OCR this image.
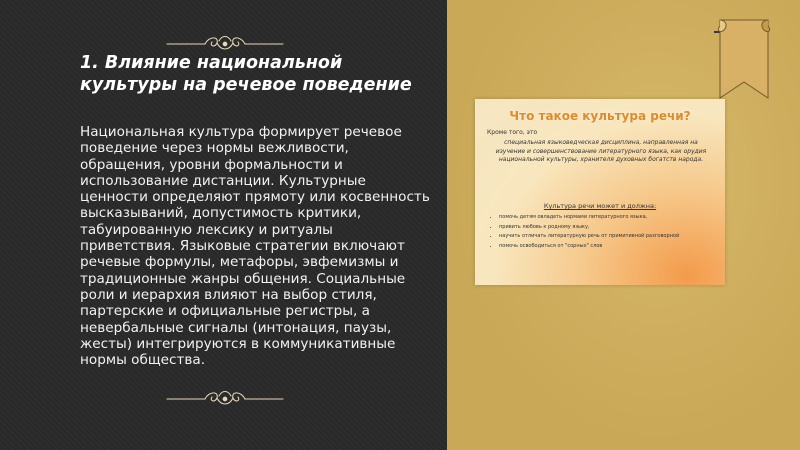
1. Влияние национальной культуры на речевое поведение

Национальная культура формирует речевое поведение через нормы вежливости, обращения, уровни формальности и использование дистанции. Культурные ценности определяют прямоту или косвенность высказываний, допустимость критики, табуированную лексику и ритуалы приветствия. Языковые стратегии включают речевые формулы, метафоры, эвфемизмы и традиционные жанры общения. Социальные роли и иерархия влияют на выбор стиля, партерские и официальные регистры, а невербальные сигналы (интонация, паузы, жесты) интегрируются в коммуникативные нормы общества.

Что такое культура речи?
Кроме того, это
специальная языковедческая дисциплина, направленная на изучение и совершенствование литературного языка, как орудия национальной культуры, хранителя духовных богатств народа.
Культура речи может и должна:
• помочь детям овладеть нормами литературного языка,
• привить любовь к родному языку,
• научить отличать литературную речь от примитивной разговорной
• помочь освободиться от "сорных" слов
